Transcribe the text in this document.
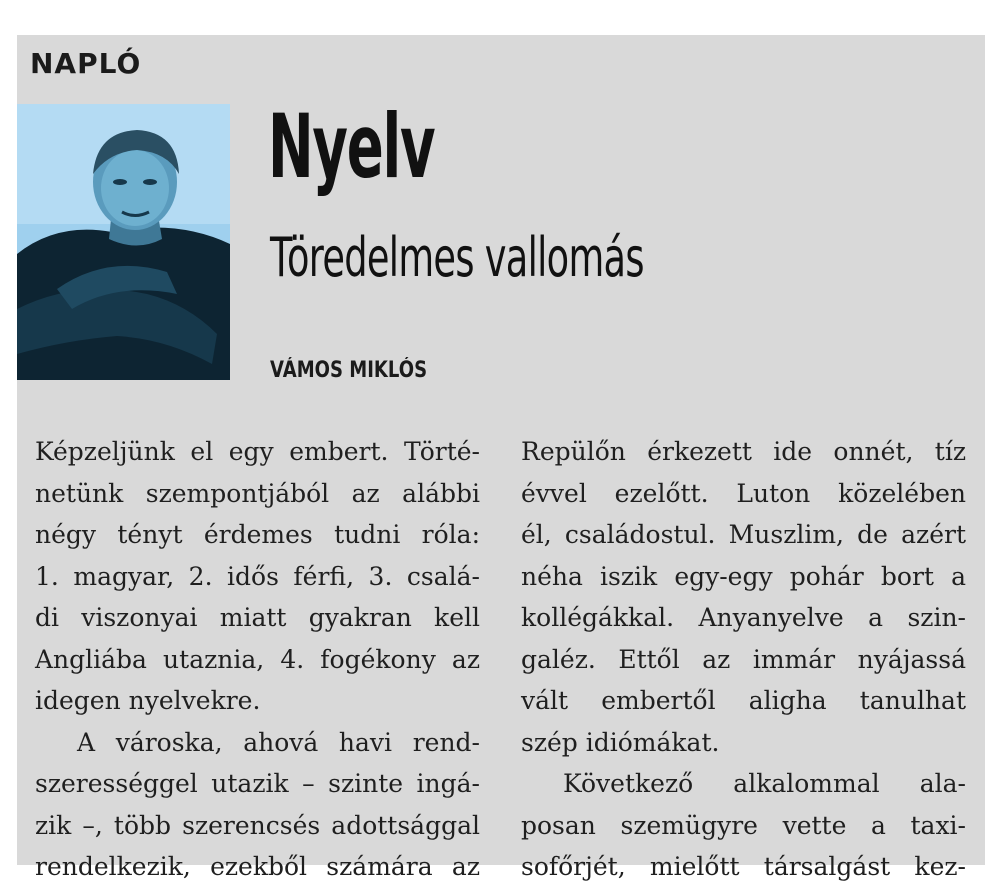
NAPLÓ
Nyelv
Töredelmes vallomás
VÁMOS MIKLÓS

Képzeljünk el egy embert. Törté-
netünk szempontjából az alábbi
négy tényt érdemes tudni róla:
1. magyar, 2. idős férfi, 3. csalá-
di viszonyai miatt gyakran kell
Angliába utaznia, 4. fogékony az
idegen nyelvekre.

A városka, ahová havi rend-

szerességgel utazik – szinte ingá-
zik –, több szerencsés adottsággal
rendelkezik, ezekből számára az

Repülőn érkezett ide onnét, tíz
évvel ezelőtt. Luton közelében
él, családostul. Muszlim, de azért
néha iszik egy-egy pohár bort a
kollégákkal. Anyanyelve a szin-
galéz. Ettől az immár nyájassá
vált embertől aligha tanulhat
szép idiómákat.

Következő alkalommal ala-

posan szemügyre vette a taxi-
sofőrjét, mielőtt társalgást kez-
